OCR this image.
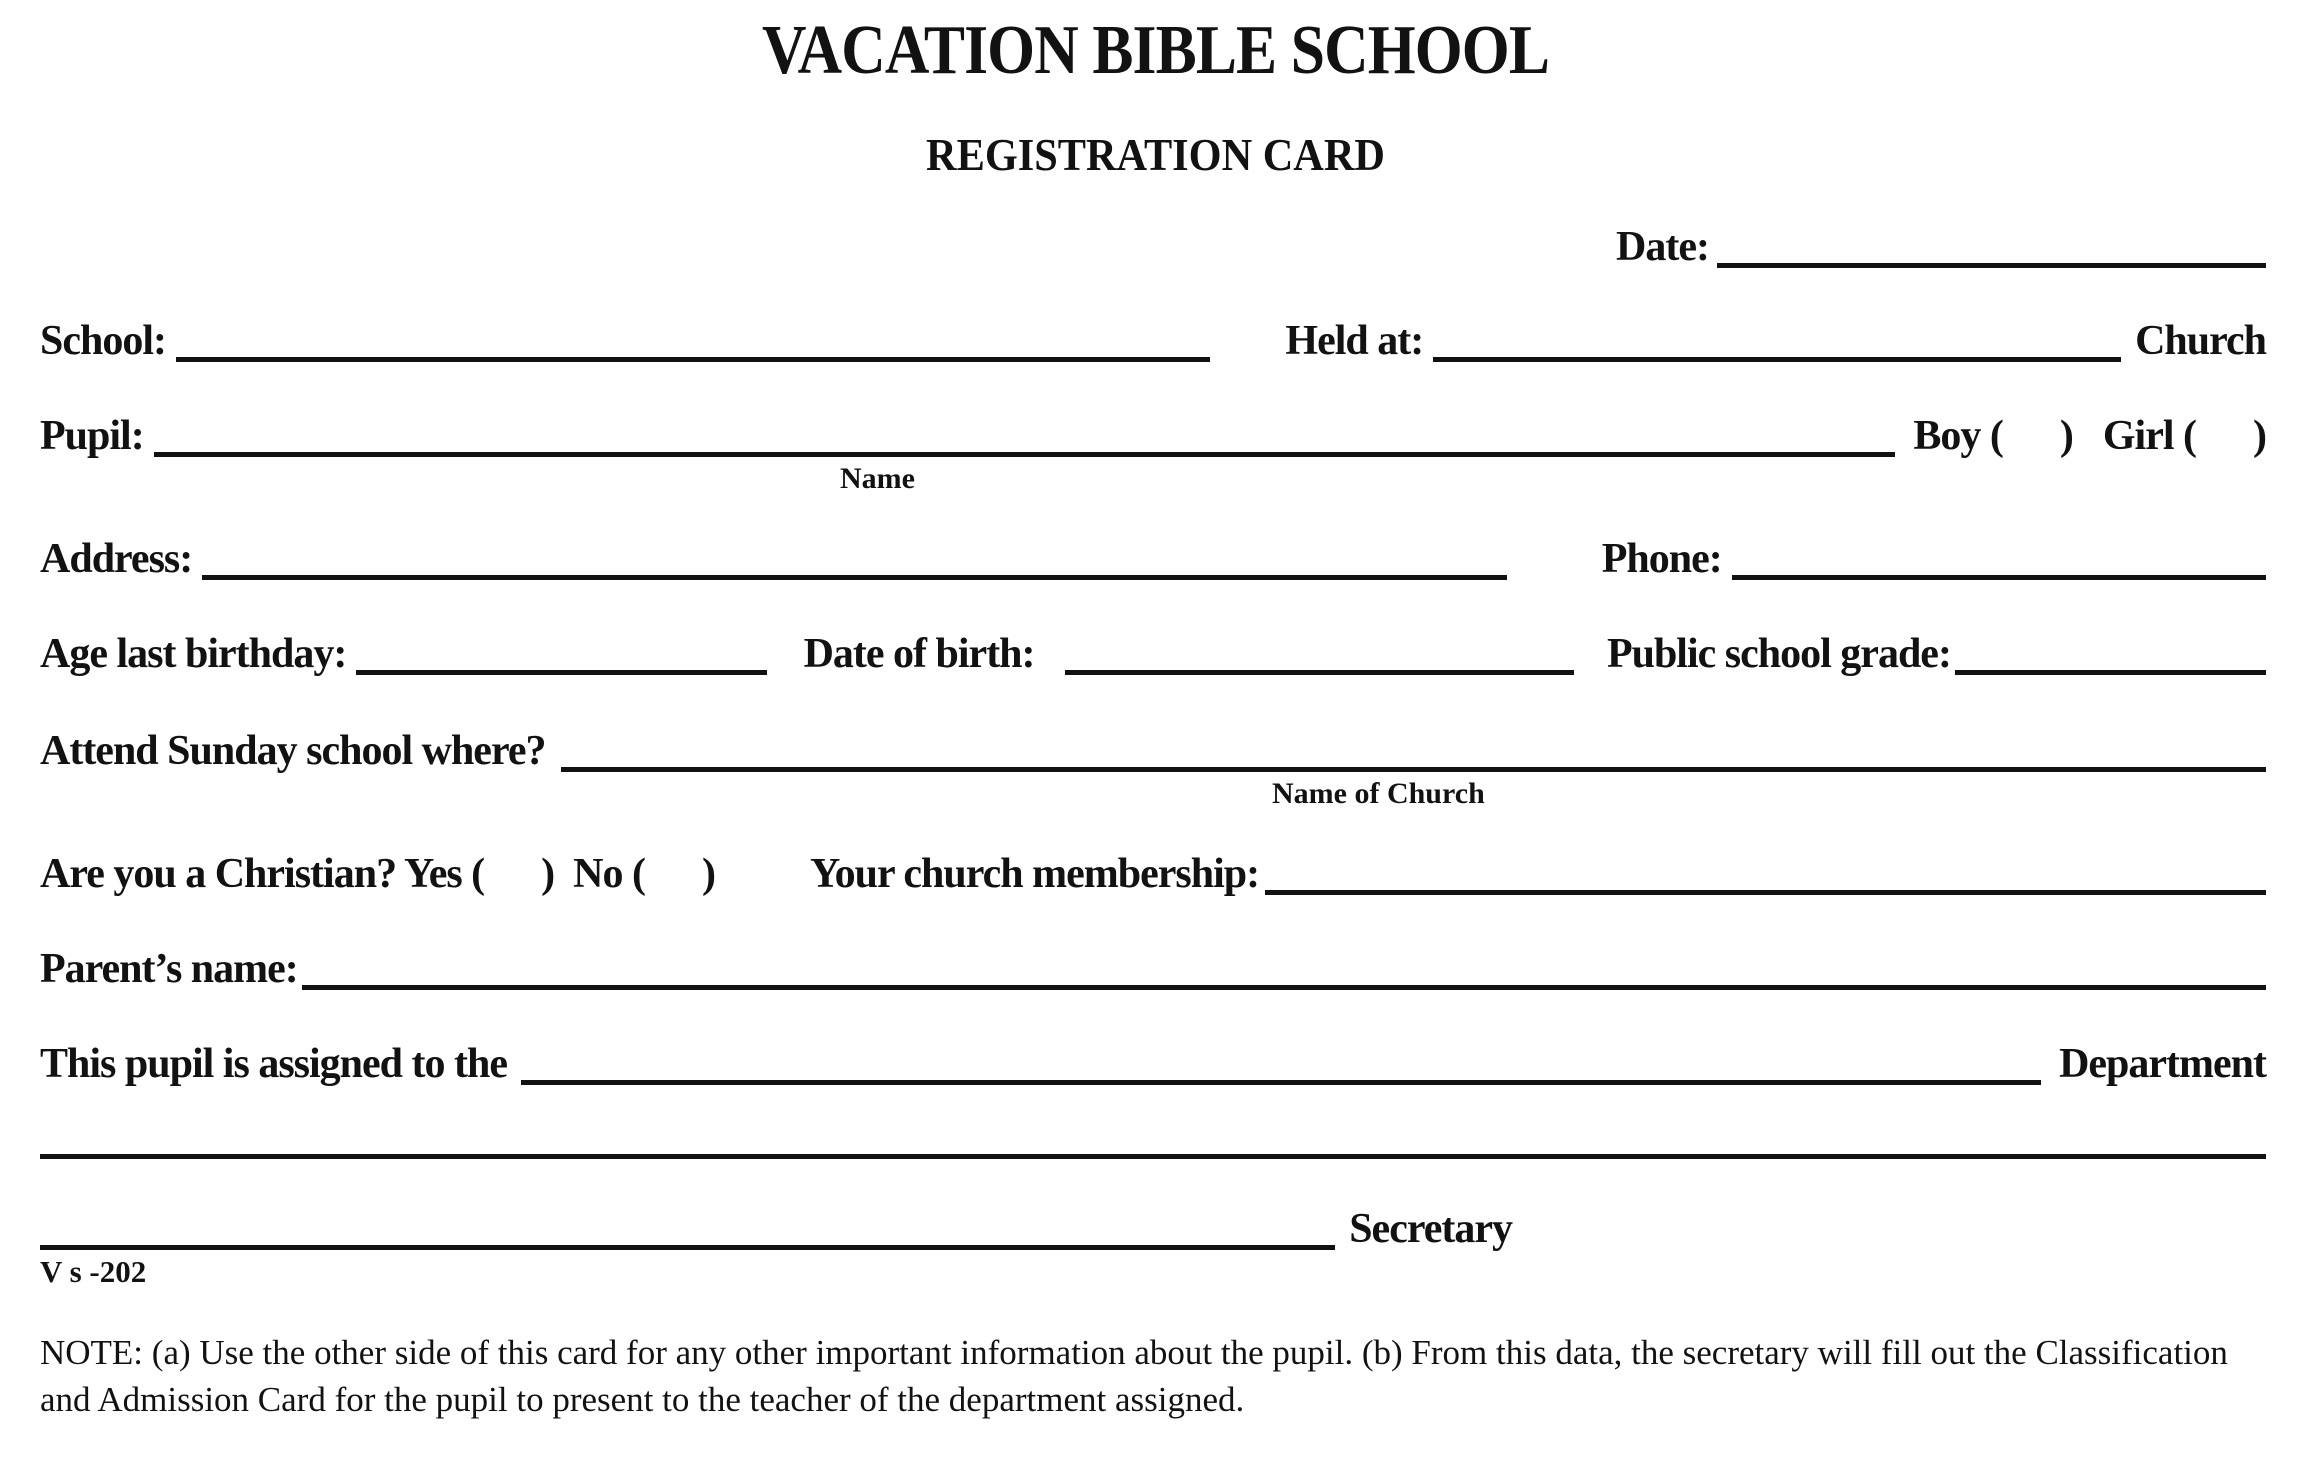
VACATION BIBLE SCHOOL
REGISTRATION CARD
Date:
School:	Held at:	Church
Pupil:	Boy (      ) Girl (      )
Name
Address:	Phone:
Age last birthday:	Date of birth:	Public school grade:
Attend Sunday school where?
Name of Church
Are you a Christian? Yes (      )  No (      ) Your church membership:
Parent’s name:
This pupil is assigned to the	Department
Secretary
V s -202
NOTE: (a) Use the other side of this card for any other important information about the pupil. (b) From this data, the secretary will fill out the Classification and Admission Card for the pupil to present to the teacher of the department assigned.
